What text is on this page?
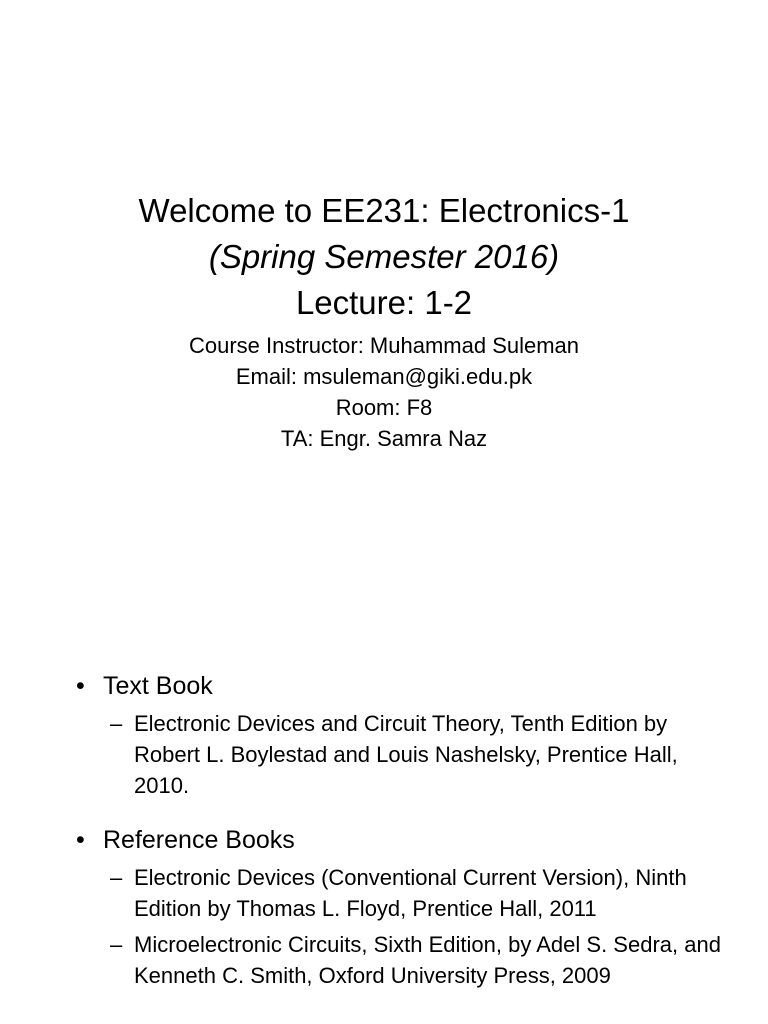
Welcome to EE231: Electronics-1
(Spring Semester 2016)
Lecture: 1-2
Course Instructor: Muhammad Suleman
Email: msuleman@giki.edu.pk
Room: F8
TA: Engr. Samra Naz
• Text Book
– Electronic Devices and Circuit Theory, Tenth Edition by Robert L. Boylestad and Louis Nashelsky, Prentice Hall, 2010.
• Reference Books
– Electronic Devices (Conventional Current Version), Ninth Edition by Thomas L. Floyd, Prentice Hall, 2011
– Microelectronic Circuits, Sixth Edition, by Adel S. Sedra, and Kenneth C. Smith, Oxford University Press, 2009
